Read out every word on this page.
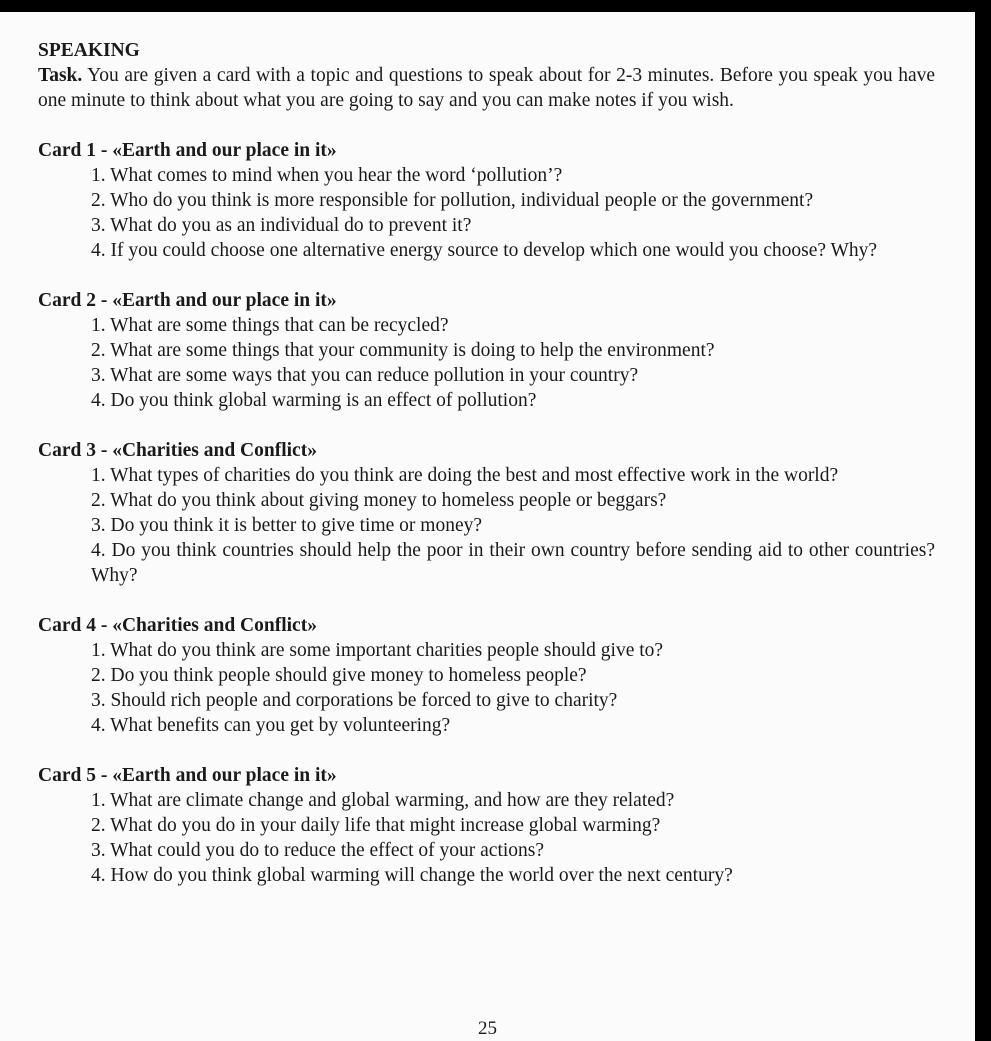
SPEAKING

Task. You are given a card with a topic and questions to speak about for 2-3 minutes. Before you speak you have one minute to think about what you are going to say and you can make notes if you wish.

Card 1 - «Earth and our place in it»

1. What comes to mind when you hear the word ‘pollution’?
2. Who do you think is more responsible for pollution, individual people or the government?
3. What do you as an individual do to prevent it?
4. If you could choose one alternative energy source to develop which one would you choose? Why?

Card 2 - «Earth and our place in it»

1. What are some things that can be recycled?
2. What are some things that your community is doing to help the environment?
3. What are some ways that you can reduce pollution in your country?
4. Do you think global warming is an effect of pollution?

Card 3 - «Charities and Conflict»

1. What types of charities do you think are doing the best and most effective work in the world?
2. What do you think about giving money to homeless people or beggars?
3. Do you think it is better to give time or money?
4. Do you think countries should help the poor in their own country before sending aid to other countries? Why?

Card 4 - «Charities and Conflict»

1. What do you think are some important charities people should give to?
2. Do you think people should give money to homeless people?
3. Should rich people and corporations be forced to give to charity?
4. What benefits can you get by volunteering?

Card 5 - «Earth and our place in it»

1. What are climate change and global warming, and how are they related?
2. What do you do in your daily life that might increase global warming?
3. What could you do to reduce the effect of your actions?
4. How do you think global warming will change the world over the next century?
25
